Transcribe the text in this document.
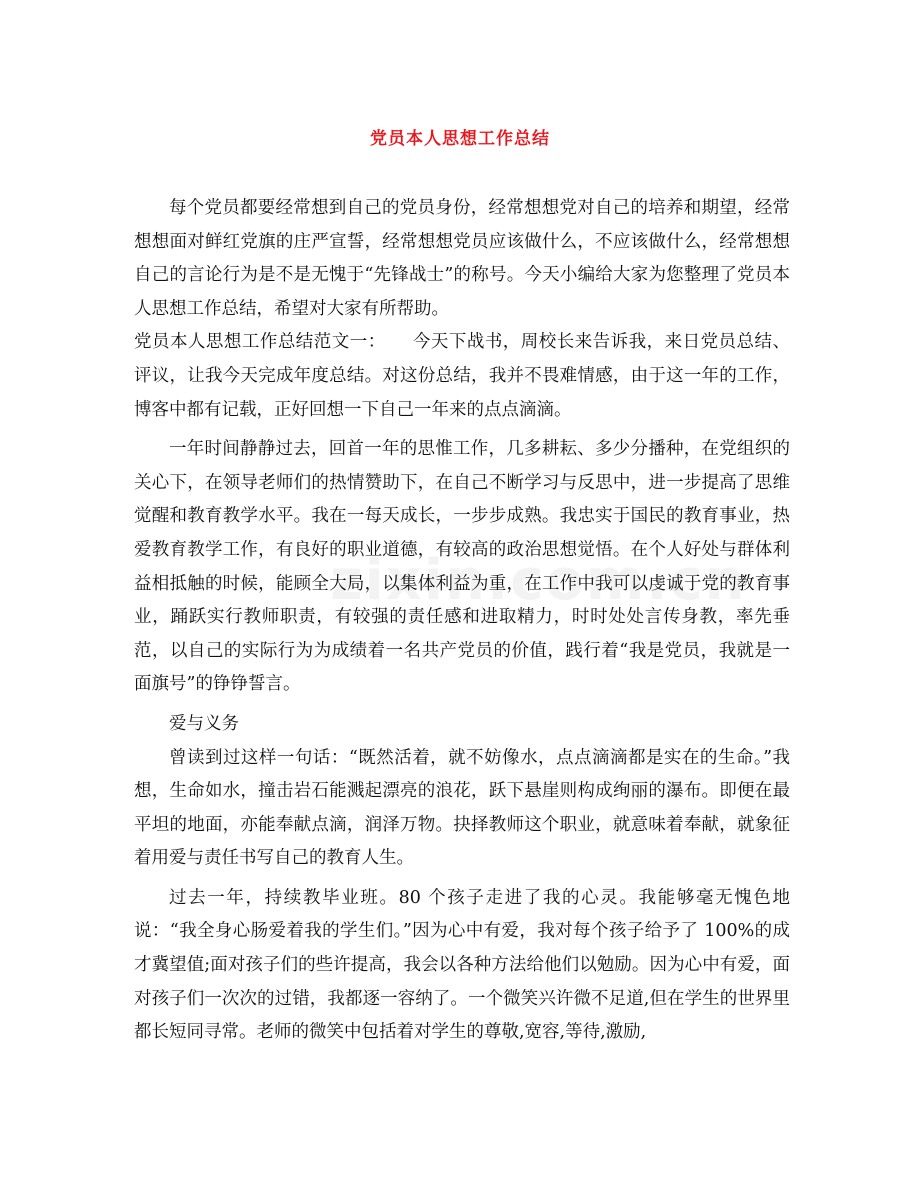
党员本人思想工作总结

每个党员都要经常想到自己的党员身份，经常想想党对自己的培养和期望，经常想想面对鲜红党旗的庄严宣誓，经常想想党员应该做什么，不应该做什么，经常想想自己的言论行为是不是无愧于“先锋战士”的称号。今天小编给大家为您整理了党员本人思想工作总结，希望对大家有所帮助。

党员本人思想工作总结范文一：　　今天下战书，周校长来告诉我，来日党员总结、评议，让我今天完成年度总结。对这份总结，我并不畏难情感，由于这一年的工作，博客中都有记载，正好回想一下自己一年来的点点滴滴。

一年时间静静过去，回首一年的思惟工作，几多耕耘、多少分播种，在党组织的关心下，在领导老师们的热情赞助下，在自己不断学习与反思中，进一步提高了思维觉醒和教育教学水平。我在一每天成长，一步步成熟。我忠实于国民的教育事业，热爱教育教学工作，有良好的职业道德，有较高的政治思想觉悟。在个人好处与群体利益相抵触的时候，能顾全大局，以集体利益为重，在工作中我可以虔诚于党的教育事业，踊跃实行教师职责，有较强的责任感和进取精力，时时处处言传身教，率先垂范，以自己的实际行为为成绩着一名共产党员的价值，践行着“我是党员，我就是一面旗号”的铮铮誓言。

爱与义务

曾读到过这样一句话：“既然活着，就不妨像水，点点滴滴都是实在的生命。”我想，生命如水，撞击岩石能溅起漂亮的浪花，跃下悬崖则构成绚丽的瀑布。即便在最平坦的地面，亦能奉献点滴，润泽万物。抉择教师这个职业，就意味着奉献，就象征着用爱与责任书写自己的教育人生。

过去一年，持续教毕业班。80 个孩子走进了我的心灵。我能够毫无愧色地说：“我全身心肠爱着我的学生们。”因为心中有爱，我对每个孩子给予了 100%的成才冀望值;面对孩子们的些许提高，我会以各种方法给他们以勉励。因为心中有爱，面对孩子们一次次的过错，我都逐一容纳了。一个微笑兴许微不足道,但在学生的世界里都长短同寻常。老师的微笑中包括着对学生的尊敬,宽容,等待,激励,
